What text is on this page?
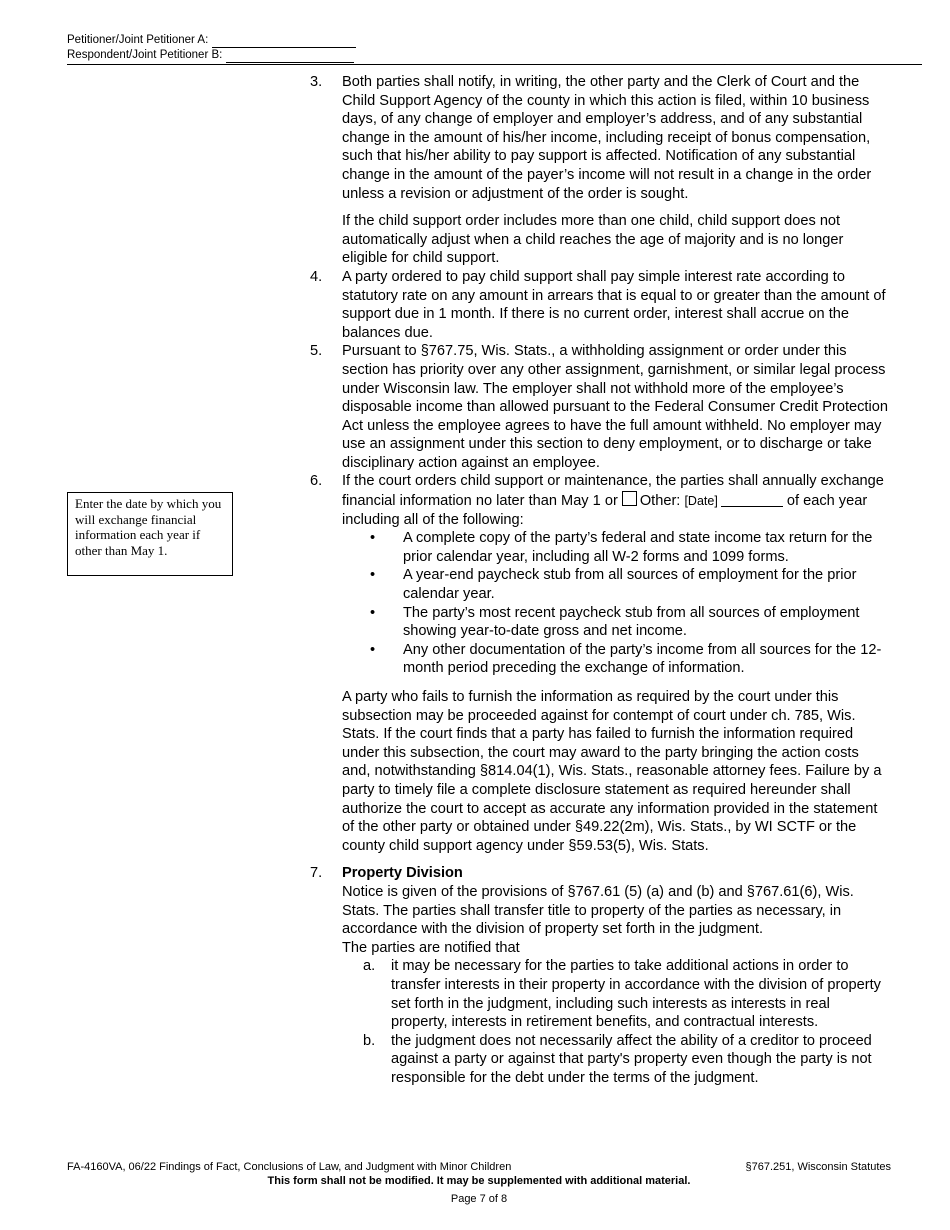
Petitioner/Joint Petitioner A:
Respondent/Joint Petitioner B:
Enter the date by which you will exchange financial information each year if other than May 1.
3.	Both parties shall notify, in writing, the other party and the Clerk of Court and the Child Support Agency of the county in which this action is filed, within 10 business days, of any change of employer and employer’s address, and of any substantial change in the amount of his/her income, including receipt of bonus compensation, such that his/her ability to pay support is affected. Notification of any substantial change in the amount of the payer’s income will not result in a change in the order unless a revision or adjustment of the order is sought.

If the child support order includes more than one child, child support does not automatically adjust when a child reaches the age of majority and is no longer eligible for child support.

4.	A party ordered to pay child support shall pay simple interest rate according to statutory rate on any amount in arrears that is equal to or greater than the amount of support due in 1 month. If there is no current order, interest shall accrue on the balances due.

5.	Pursuant to §767.75, Wis. Stats., a withholding assignment or order under this section has priority over any other assignment, garnishment, or similar legal process under Wisconsin law. The employer shall not withhold more of the employee’s disposable income than allowed pursuant to the Federal Consumer Credit Protection Act unless the employee agrees to have the full amount withheld. No employer may use an assignment under this section to deny employment, or to discharge or take disciplinary action against an employee.

6.	If the court orders child support or maintenance, the parties shall annually exchange financial information no later than May 1 or Other: [Date]	of each year including all of the following:

•	A complete copy of the party’s federal and state income tax return for the prior calendar year, including all W-2 forms and 1099 forms.
•	A year-end paycheck stub from all sources of employment for the prior calendar year.
•	The party’s most recent paycheck stub from all sources of employment showing year-to-date gross and net income.
•	Any other documentation of the party’s income from all sources for the 12-month period preceding the exchange of information.

A party who fails to furnish the information as required by the court under this subsection may be proceeded against for contempt of court under ch. 785, Wis. Stats. If the court finds that a party has failed to furnish the information required under this subsection, the court may award to the party bringing the action costs and, notwithstanding §814.04(1), Wis. Stats., reasonable attorney fees. Failure by a party to timely file a complete disclosure statement as required hereunder shall authorize the court to accept as accurate any information provided in the statement of the other party or obtained under §49.22(2m), Wis. Stats., by WI SCTF or the county child support agency under §59.53(5), Wis. Stats.

7.	Property Division

Notice is given of the provisions of §767.61 (5) (a) and (b) and §767.61(6), Wis. Stats. The parties shall transfer title to property of the parties as necessary, in accordance with the division of property set forth in the judgment.

The parties are notified that

a.	it may be necessary for the parties to take additional actions in order to transfer interests in their property in accordance with the division of property set forth in the judgment, including such interests as interests in real property, interests in retirement benefits, and contractual interests.
b.	the judgment does not necessarily affect the ability of a creditor to proceed against a party or against that party's property even though the party is not responsible for the debt under the terms of the judgment.
FA-4160VA, 06/22 Findings of Fact, Conclusions of Law, and Judgment with Minor Children	§767.251, Wisconsin Statutes
This form shall not be modified. It may be supplemented with additional material.
Page 7 of 8
